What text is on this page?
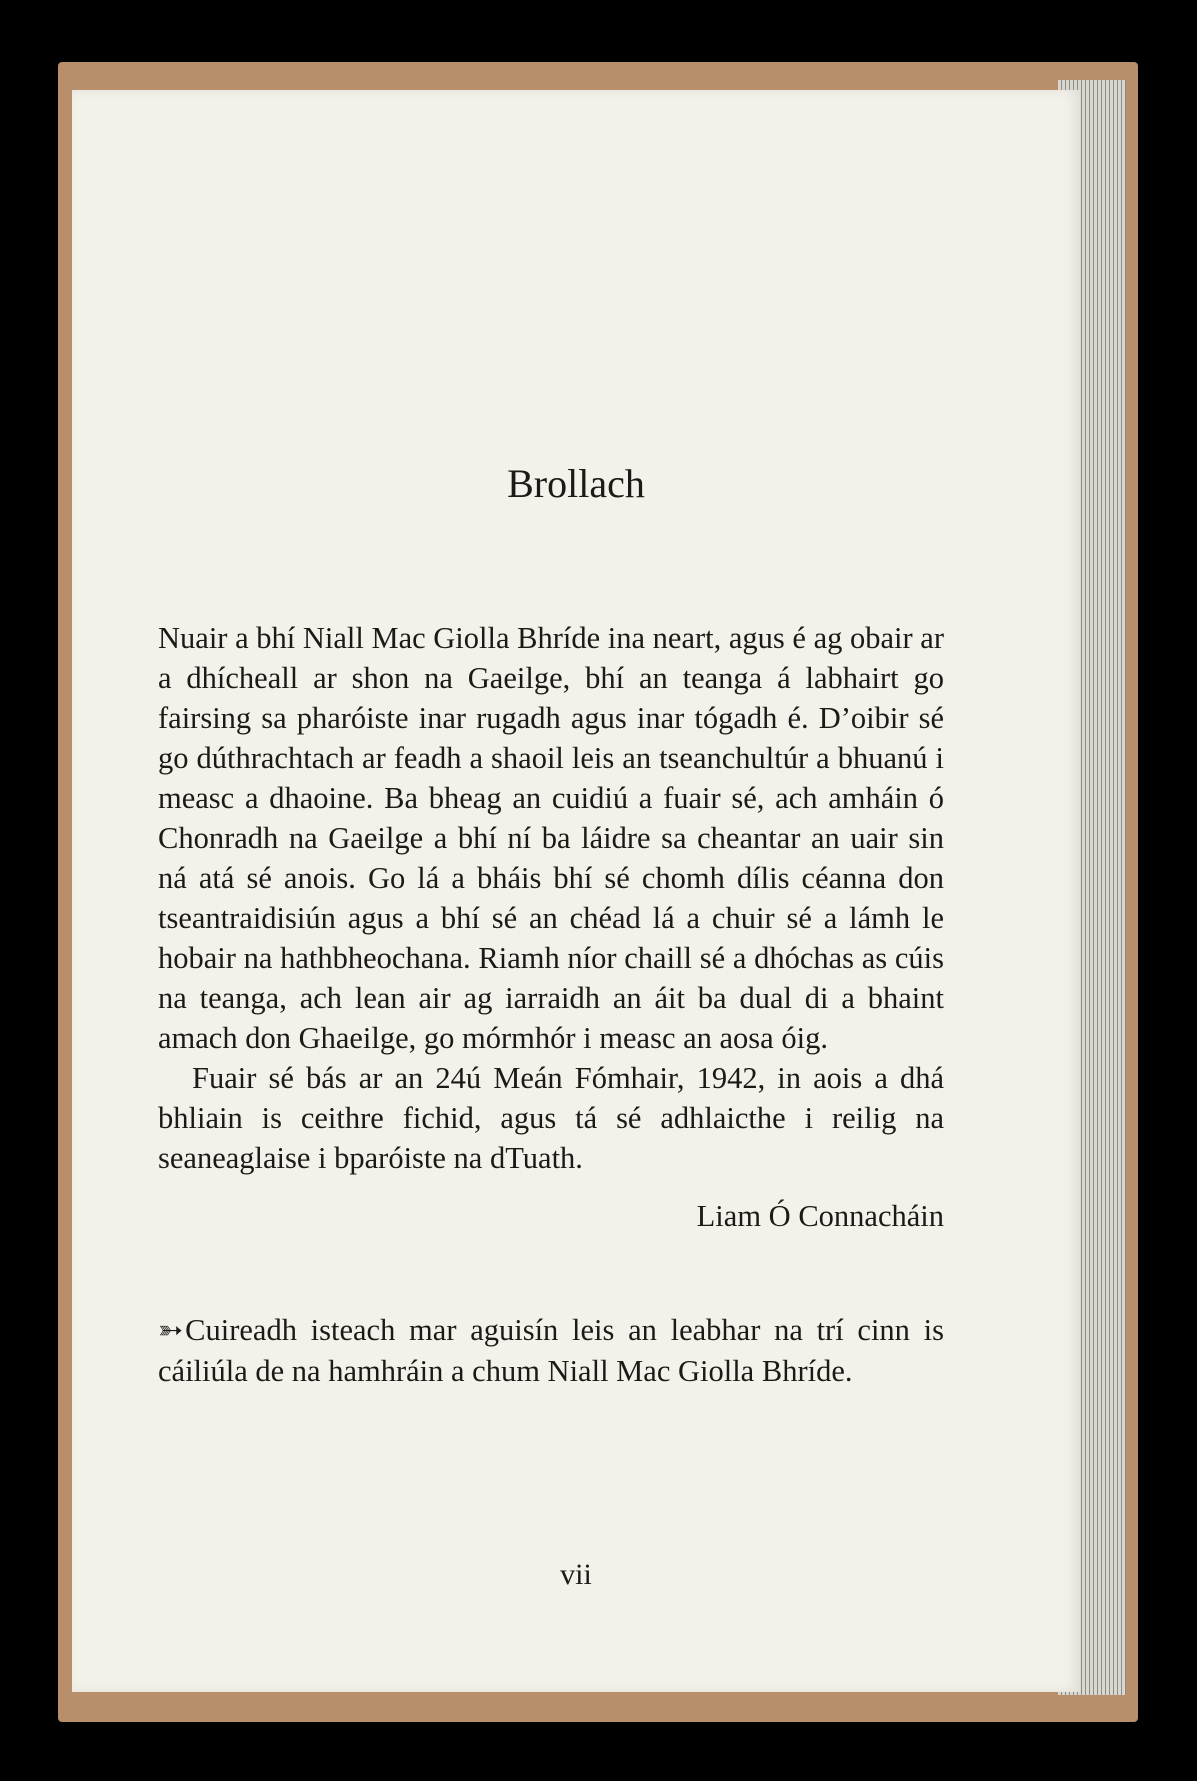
Brollach

Nuair a bhí Niall Mac Giolla Bhríde ina neart, agus é ag obair ar a dhícheall ar shon na Gaeilge, bhí an teanga á labhairt go fairsing sa pharóiste inar rugadh agus inar tógadh é. D’oibir sé go dúthrachtach ar feadh a shaoil leis an tseanchultúr a bhuanú i measc a dhaoine. Ba bheag an cuidiú a fuair sé, ach amháin ó Chonradh na Gaeilge a bhí ní ba láidre sa cheantar an uair sin ná atá sé anois. Go lá a bháis bhí sé chomh dílis céanna don tseantraidisiún agus a bhí sé an chéad lá a chuir sé a lámh le hobair na hathbheochana. Riamh níor chaill sé a dhóchas as cúis na teanga, ach lean air ag iarraidh an áit ba dual di a bhaint amach don Ghaeilge, go mórmhór i measc an aosa óig.

Fuair sé bás ar an 24ú Meán Fómhair, 1942, in aois a dhá bhliain is ceithre fichid, agus tá sé adhlaicthe i reilig na seaneaglaise i bparóiste na dTuath.

Liam Ó Connacháin

➳Cuireadh isteach mar aguisín leis an leabhar na trí cinn is cáiliúla de na hamhráin a chum Niall Mac Giolla Bhríde.

vii
